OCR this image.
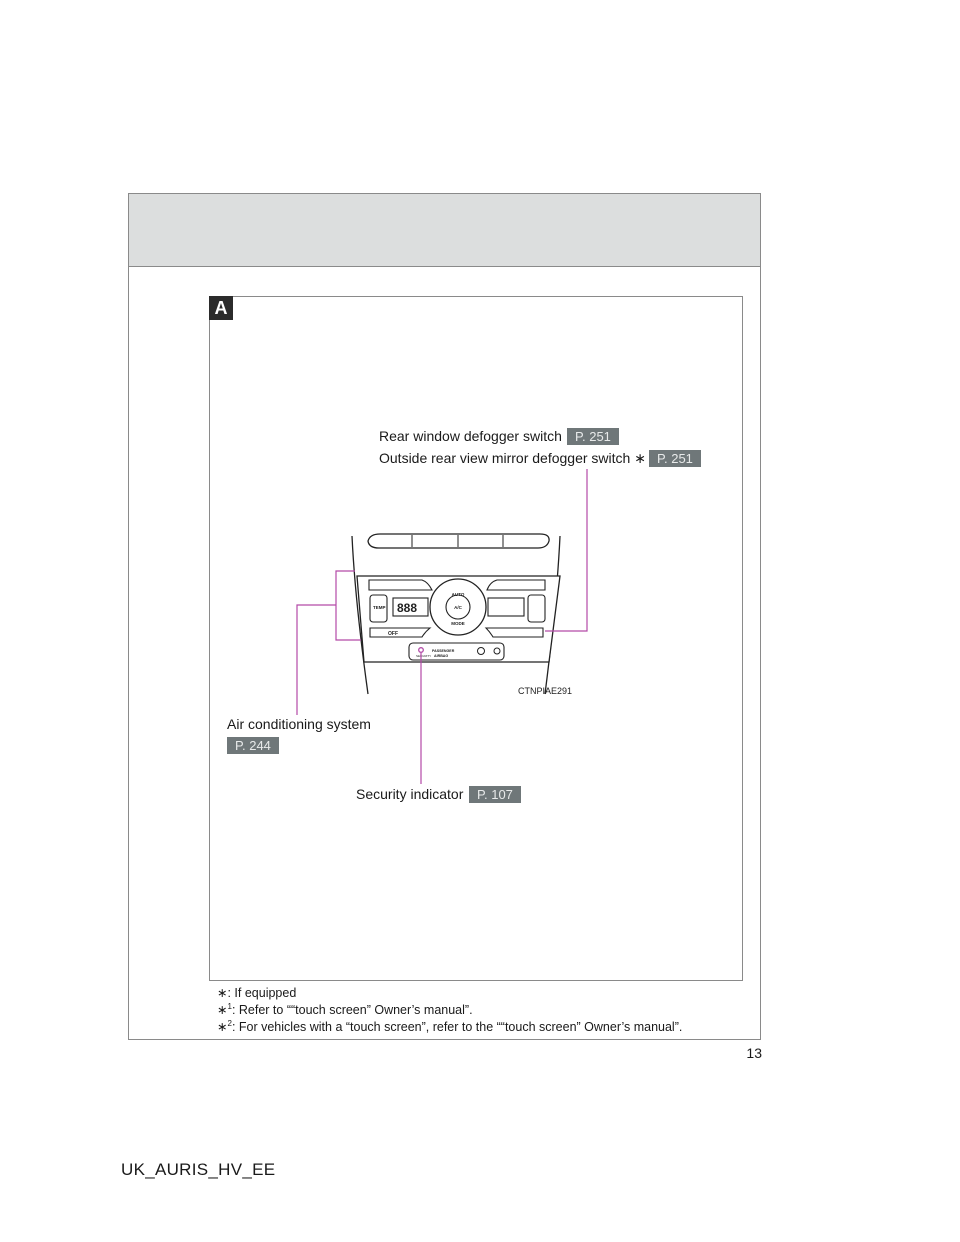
A
888
AUTO
A/C
MODE
TEMP
OFF
SECURITY
PASSENGER
AIRBAG
CTNPIAE291
Rear window defogger switch	P. 251
Outside rear view mirror defogger switch ∗ P. 251
Air conditioning system
P. 244
Security indicator	P. 107
∗: If equipped
∗$^1$: Refer to ““touch screen” Owner’s manual”.
∗$^2$: For vehicles with a “touch screen”, refer to the ““touch screen” Owner’s manual”.
13
UK_AURIS_HV_EE
